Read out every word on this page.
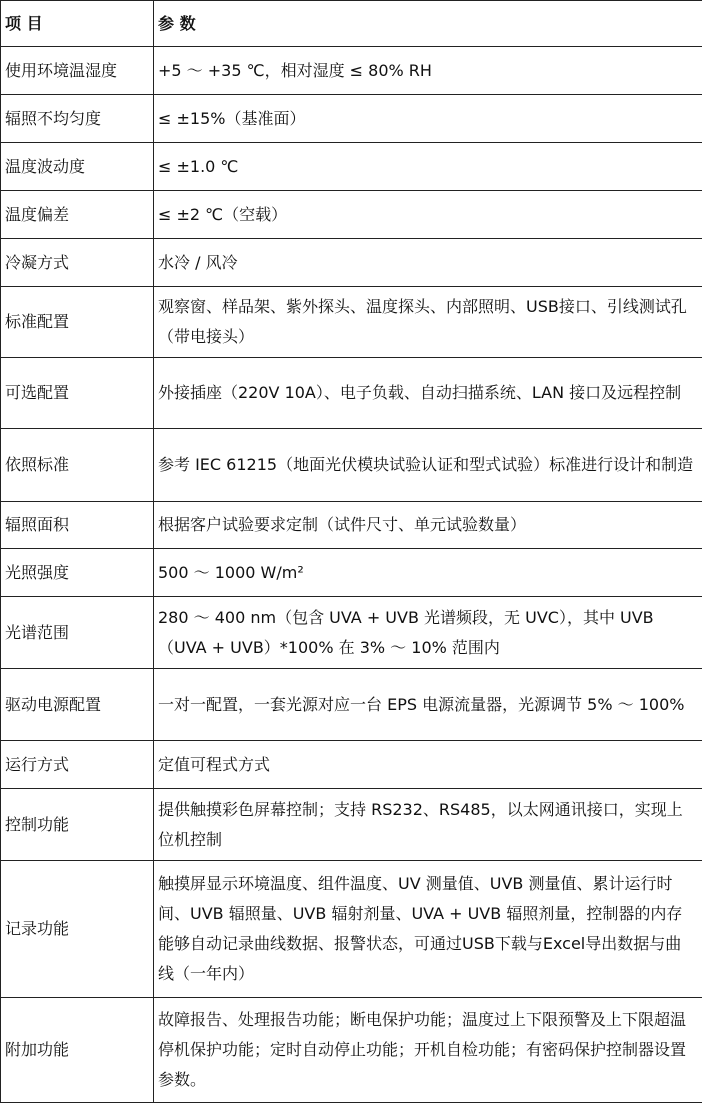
项 目	参 数
使用环境温湿度	+5 ～ +35 ℃，相对湿度 ≤ 80% RH
辐照不均匀度	≤ ±15%（基准面）
温度波动度	≤ ±1.0 ℃
温度偏差	≤ ±2 ℃（空载）
冷凝方式	水冷 / 风冷
标准配置	观察窗、样品架、紫外探头、温度探头、内部照明、USB接口、引线测试孔（带电接头）
可选配置	外接插座（220V 10A）、电子负载、自动扫描系统、LAN 接口及远程控制
依照标准	参考 IEC 61215（地面光伏模块试验认证和型式试验）标准进行设计和制造
辐照面积	根据客户试验要求定制（试件尺寸、单元试验数量）
光照强度	500 ～ 1000 W/m²
光谱范围	280 ～ 400 nm（包含 UVA + UVB 光谱频段，无 UVC），其中 UVB（UVA + UVB）*100% 在 3% ～ 10% 范围内
驱动电源配置	一对一配置，一套光源对应一台 EPS 电源流量器，光源调节 5% ～ 100%
运行方式	定值可程式方式
控制功能	提供触摸彩色屏幕控制；支持 RS232、RS485，以太网通讯接口，实现上位机控制
记录功能	触摸屏显示环境温度、组件温度、UV 测量值、UVB 测量值、累计运行时间、UVB 辐照量、UVB 辐射剂量、UVA + UVB 辐照剂量，控制器的内存能够自动记录曲线数据、报警状态，可通过USB下载与Excel导出数据与曲线（一年内）
附加功能	故障报告、处理报告功能；断电保护功能；温度过上下限预警及上下限超温停机保护功能；定时自动停止功能；开机自检功能；有密码保护控制器设置参数。
